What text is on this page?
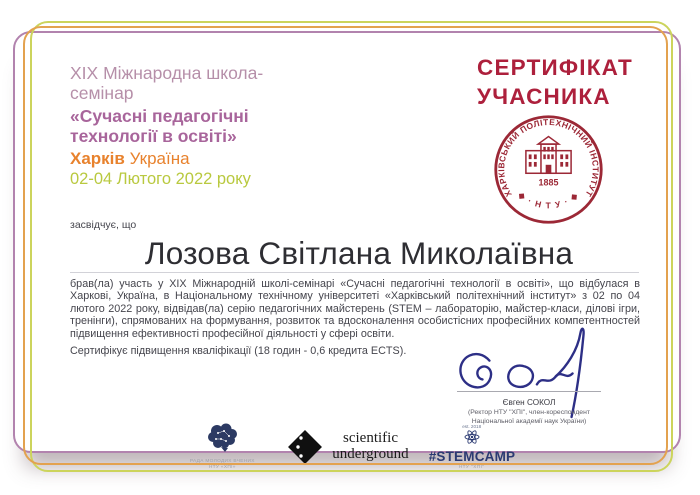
XIX Міжнародна школа-
семінар
«Сучасні педагогічні
технології в освіті»
Харків Україна
02-04 Лютого 2022 року
СЕРТИФІКАТ
УЧАСНИКА
ХАРКІВСЬКИЙ ПОЛІТЕХНІЧНИЙ ІНСТИТУТ
◆ · Н Т У · ◆
1885
засвідчує, що
Лозова Світлана Миколаївна
брав(ла) участь у XIX Міжнародній школі-семінарі «Сучасні педагогічні технології в освіті», що відбулася в Харкові, Україна, в Національному технічному університеті «Харківський політехнічний інститут» з 02 по 04 лютого 2022 року, відвідав(ла) серію педагогічних майстерень (STEM – лабораторію, майстер-класи, ділові ігри, тренінги), спрямованих на формування, розвиток та вдосконалення особистісних професійних компетентностей підвищення ефективності професійної діяльності у сфері освіти.
Сертифікує підвищення кваліфікації (18 годин - 0,6 кредита ECTS).
Євген СОКОЛ
(Ректор НТУ "ХПІ", член-кореспондент
Національної академії наук України)
РАДА МОЛОДИХ ВЧЕНИХ
НТУ «ХПІ»
scientific
underground
est. 2018
#STEMCAMP
НТУ "ХПІ"
